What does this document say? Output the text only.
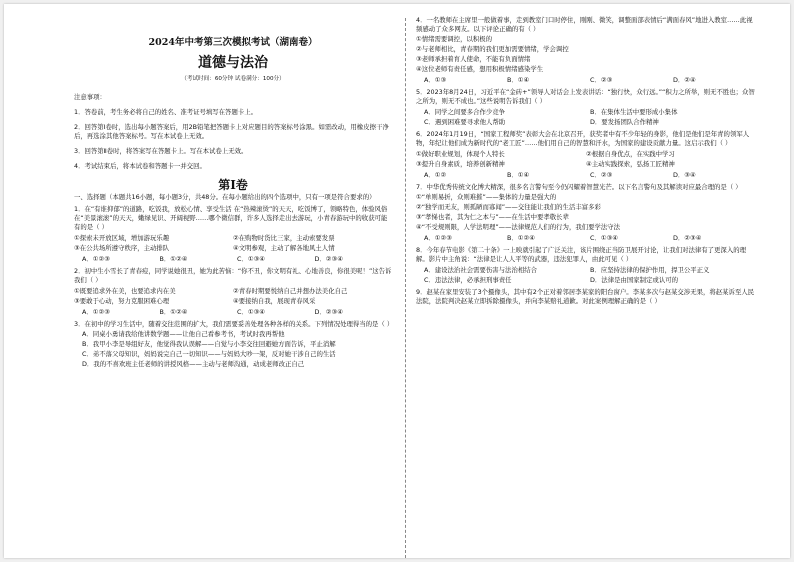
2024年中考第三次模拟考试（湖南卷）
道德与法治
（考试时间：60分钟 试卷满分：100分）

注意事项：

1．答卷前，考生务必将自己的姓名、准考证号填写在答题卡上。

2．回答第Ⅰ卷时，选出每小题答案后，用2B铅笔把答题卡上对应题目的答案标号涂黑。如需改动，用橡皮擦干净后，再选涂其他答案标号。写在本试卷上无效。

3．回答第Ⅱ卷时，将答案写在答题卡上。写在本试卷上无效。

4．考试结束后，将本试卷和答题卡一并交回。

第Ⅰ卷

一、选择题（本题共16小题，每小题3分，共48分。在每小题给出的四个选项中，只有一项是符合要求的）

1．在“有谁抑郁”的道路，吃饭我，放松心情、享受生活 在“热辣滚烫”的天天，吃饭博了，领略特色，体验风俗 在“美景滚滚”的天天，嫩绿见识、开阔视野……哪个微信群，许多人选择走出去游玩，小青春游玩中的收获可能有的是（ ）

①探索未开放区域，增加游玩乐趣	②在购物时货比三家，主动索要发票
③在公共场所遵守秩序，主动排队	④文明参观，主动了解各地风土人情
A．①②③	B．①②④	C．①③④	D．②③④

2．初中生小雪长了青春痘，同学说她很丑，她为此苦恼：“你不丑，你文明有礼、心地善良，你很美呢！”这告诉我们（ ）

①既要追求外在美，也要追求内在美	②青春时期要悦纳自己并想办法美化自己
③要敢于心动，努力克服困难心理	④要接纳自我，展现青春风采
A．①②③	B．①②④	C．①③④	D．②③④

3．在初中的学习生活中，随着交往范围的扩大，我们需要妥善处理各种各样的关系。下列情况处理得当的是（ ）

A．同桌小勇请我给他讲数学题——让他自己看参考书，考试时我再帮他

B．我甲小李是导组好友，他觉得我认误解——自觉与小李交往回避她方面告诉，平止消解

C．弟不落父母知识，妈妈说完自己一切知识——与妈妈大吵一架，反对她干涉自己的生活

D．我的不喜欢班主任老师的讲授风格——主动与老师沟通，动成老师改正自己

4．一名教师在主席里一般做着事，走到教室门口时停住，刚刚、微笑，调整面部表情后“满面春风”地进入教室……此视频感动了众多网友。以下评论正确的有（ ）

①情绪需要调控，以积极的

②与老师相比，青春期的我们更加需要情绪，学会调控

③老师承担着育人使命，不能有负面情绪

④这位老师有责任感，想用积极情绪感染学生

A．①③	B．①④	C．②③	D．②④

5．2023年8月24日，习近平在“金砖+”领导人对话会上发表讲话：“独行快，众行远。”“积力之所举，则无不胜也；众智之所为，则无不成也。”这些说明告诉我们（ ）

A．同学之间要多合作少竞争	B．在集体生活中要形成小集体
C．遇到困难要寻求他人帮助	D．要发扬团队合作精神

6．2024年1月19日，“国家工程师奖”表彰大会在北京召开，获奖者中有不少年轻的身影，他们是他们是年青的领军人物，年纪让他们成为新时代的“老工匠”……他们用自己的智慧和汗水，为国家的建设贡献力量。这启示我们（ ）

①做好职业规划，体现个人特长	②根据自身优点，在实践中学习
③提升自身素质，培养创新精神	④主动实践探索，弘扬工匠精神
A．①②	B．①④	C．②③	D．③④

7．中华优秀传统文化博大精深，很多名言警句至今仍闪耀着智慧光芒。以下名言警句及其解读对应最合理的是（ ）

①“单则易折，众则难摧”——集体的力量是强大的

②“独学而无友，则孤陋而寡闻”——交往能让我们的生活丰富多彩

③“孝悌也者，其为仁之本与”——在生活中要孝敬长辈

④“不受规则限，人学法明理”——法律规范人们的行为，我们要学法守法

A．①②③	B．①②④	C．①③④	D．②③④

8．今年春节电影《第二十条》一上映就引起了广泛关注，该片围绕正当防卫展开讨论，让我们对法律有了更深入的理解。影片中主角说：“法律是让人人平等的武器，违法犯罪人，由此可见（ ）

A．建设法治社会需要伤害与法治相结合	B．应坚持法律的保护作用，捍卫公平正义
C．违法法律，必承担刑事责任	D．法律是由国家制定或认可的

9．赵某在家里安装了3个摄像头，其中有2个正对着邻居李某家的阳台窗户。李某多次与赵某交涉无果，将赵某诉至人民法院，法院判决赵某立即拆除摄像头，并向李某赔礼道歉。对此案例理解正确的是（ ）
